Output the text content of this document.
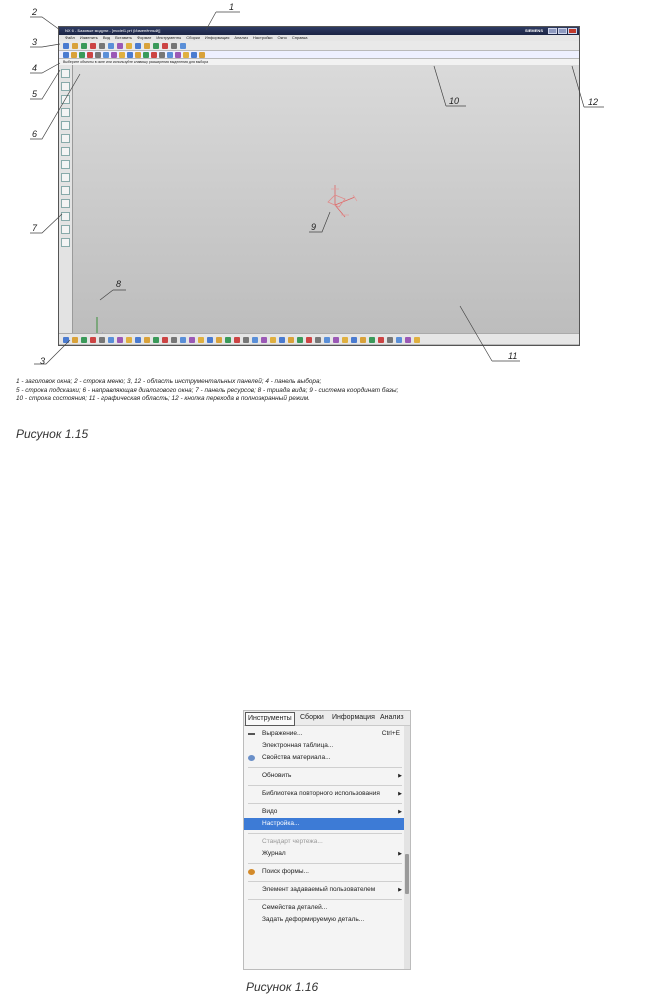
NX 6 - Базовые модули - [model1.prt (Изменённый)]	SIEMENS
Файл Изменить Вид Вставить Формат Инструменты Сборки Информация Анализ Настройки Окно Справка
Выберите объекты в окне или используйте клавишу расширения выделения для выбора
1
2
3
4
5
6
7
8
9
10
11
12
3
1 - заголовок окна; 2 - строка меню; 3, 12 - область инструментальных панелей; 4 - панель выбора;
5 - строка подсказки; 6 - направляющая диалогового окна; 7 - панель ресурсов; 8 - триада вида; 9 - система координат базы;
10 - строка состояния; 11 - графическая область; 12 - кнопка перехода в полноэкранный режим.
Рисунок 1.15
Инструменты	Сборки Информация Анализ
Выражение...	Ctrl+E
Электронная таблица...
Свойства материала...
Обновить	▶
Библиотека повторного использования	▶
Видо	▶
Настройка...
Стандарт чертежа...
Журнал	▶
Поиск формы...
Элемент задаваемый пользователем	▶
Семейства деталей...
Задать деформируемую деталь...
Рисунок 1.16
